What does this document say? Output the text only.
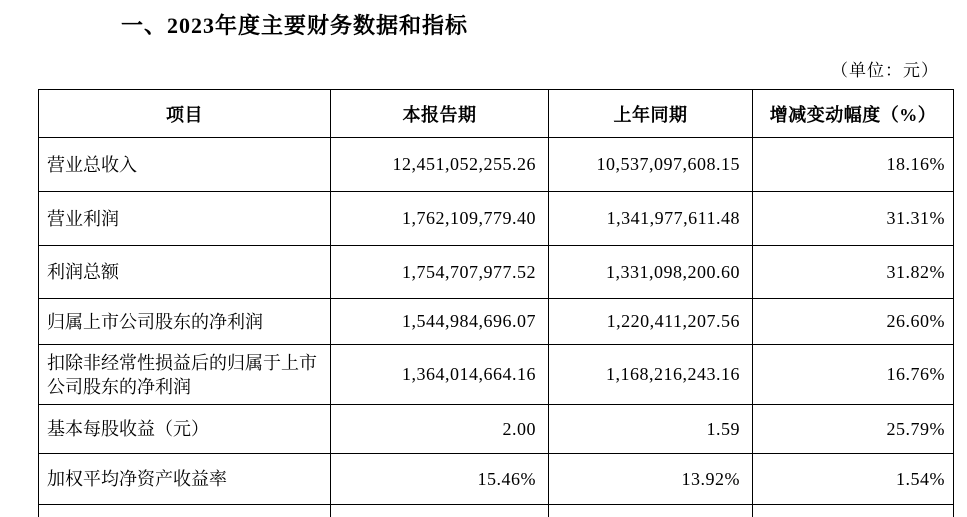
一、2023年度主要财务数据和指标
（单位：元）
项目	本报告期	上年同期	增减变动幅度（%）
营业总收入	12,451,052,255.26	10,537,097,608.15	18.16%
营业利润	1,762,109,779.40	1,341,977,611.48	31.31%
利润总额	1,754,707,977.52	1,331,098,200.60	31.82%
归属上市公司股东的净利润	1,544,984,696.07	1,220,411,207.56	26.60%
扣除非经常性损益后的归属于上市公司股东的净利润	1,364,014,664.16	1,168,216,243.16	16.76%
基本每股收益（元）	2.00	1.59	25.79%
加权平均净资产收益率	15.46%	13.92%	1.54%
